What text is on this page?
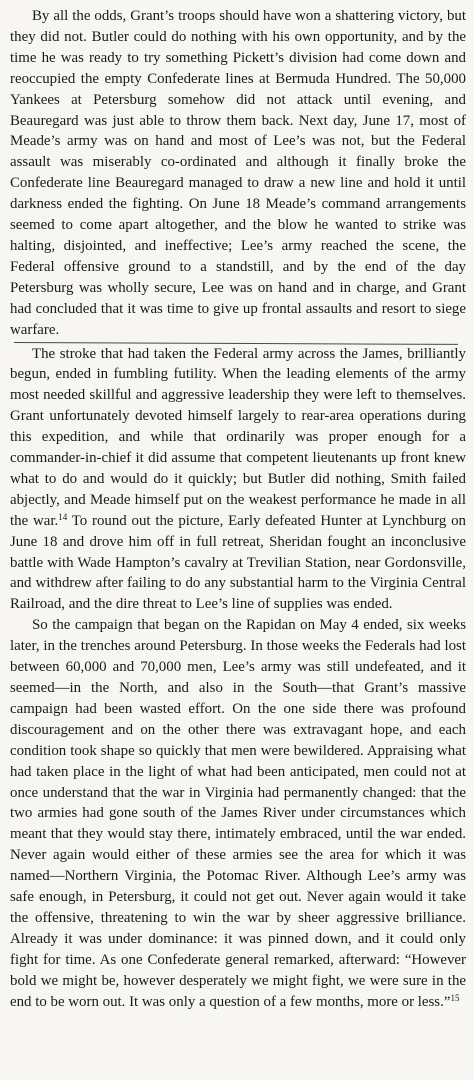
By all the odds, Grant’s troops should have won a shattering victory, but they did not. Butler could do nothing with his own opportunity, and by the time he was ready to try something Pickett’s division had come down and reoccupied the empty Confederate lines at Bermuda Hundred. The 50,000 Yankees at Petersburg somehow did not attack until evening, and Beauregard was just able to throw them back. Next day, June 17, most of Meade’s army was on hand and most of Lee’s was not, but the Federal assault was miserably co-ordinated and although it finally broke the Confederate line Beauregard managed to draw a new line and hold it until darkness ended the fighting. On June 18 Meade’s command arrangements seemed to come apart altogether, and the blow he wanted to strike was halting, disjointed, and ineffective; Lee’s army reached the scene, the Federal offensive ground to a standstill, and by the end of the day Petersburg was wholly secure, Lee was on hand and in charge, and Grant had concluded that it was time to give up frontal assaults and resort to siege warfare.

The stroke that had taken the Federal army across the James, brilliantly begun, ended in fumbling futility. When the leading elements of the army most needed skillful and aggressive leadership they were left to themselves. Grant unfortunately devoted himself largely to rear-area operations during this expedition, and while that ordinarily was proper enough for a commander-in-chief it did assume that competent lieutenants up front knew what to do and would do it quickly; but Butler did nothing, Smith failed abjectly, and Meade himself put on the weakest performance he made in all the war.$^{14}$ To round out the picture, Early defeated Hunter at Lynchburg on June 18 and drove him off in full retreat, Sheridan fought an inconclusive battle with Wade Hampton’s cavalry at Trevilian Station, near Gordonsville, and withdrew after failing to do any substantial harm to the Virginia Central Railroad, and the dire threat to Lee’s line of supplies was ended.

So the campaign that began on the Rapidan on May 4 ended, six weeks later, in the trenches around Petersburg. In those weeks the Federals had lost between 60,000 and 70,000 men, Lee’s army was still undefeated, and it seemed—in the North, and also in the South—that Grant’s massive campaign had been wasted effort. On the one side there was profound discouragement and on the other there was extravagant hope, and each condition took shape so quickly that men were bewildered. Appraising what had taken place in the light of what had been anticipated, men could not at once understand that the war in Virginia had permanently changed: that the two armies had gone south of the James River under circumstances which meant that they would stay there, intimately embraced, until the war ended. Never again would either of these armies see the area for which it was named—Northern Virginia, the Potomac River. Although Lee’s army was safe enough, in Petersburg, it could not get out. Never again would it take the offensive, threatening to win the war by sheer aggressive brilliance. Already it was under dominance: it was pinned down, and it could only fight for time. As one Confederate general remarked, afterward: “However bold we might be, however desperately we might fight, we were sure in the end to be worn out. It was only a question of a few months, more or less.”$^{15}$
